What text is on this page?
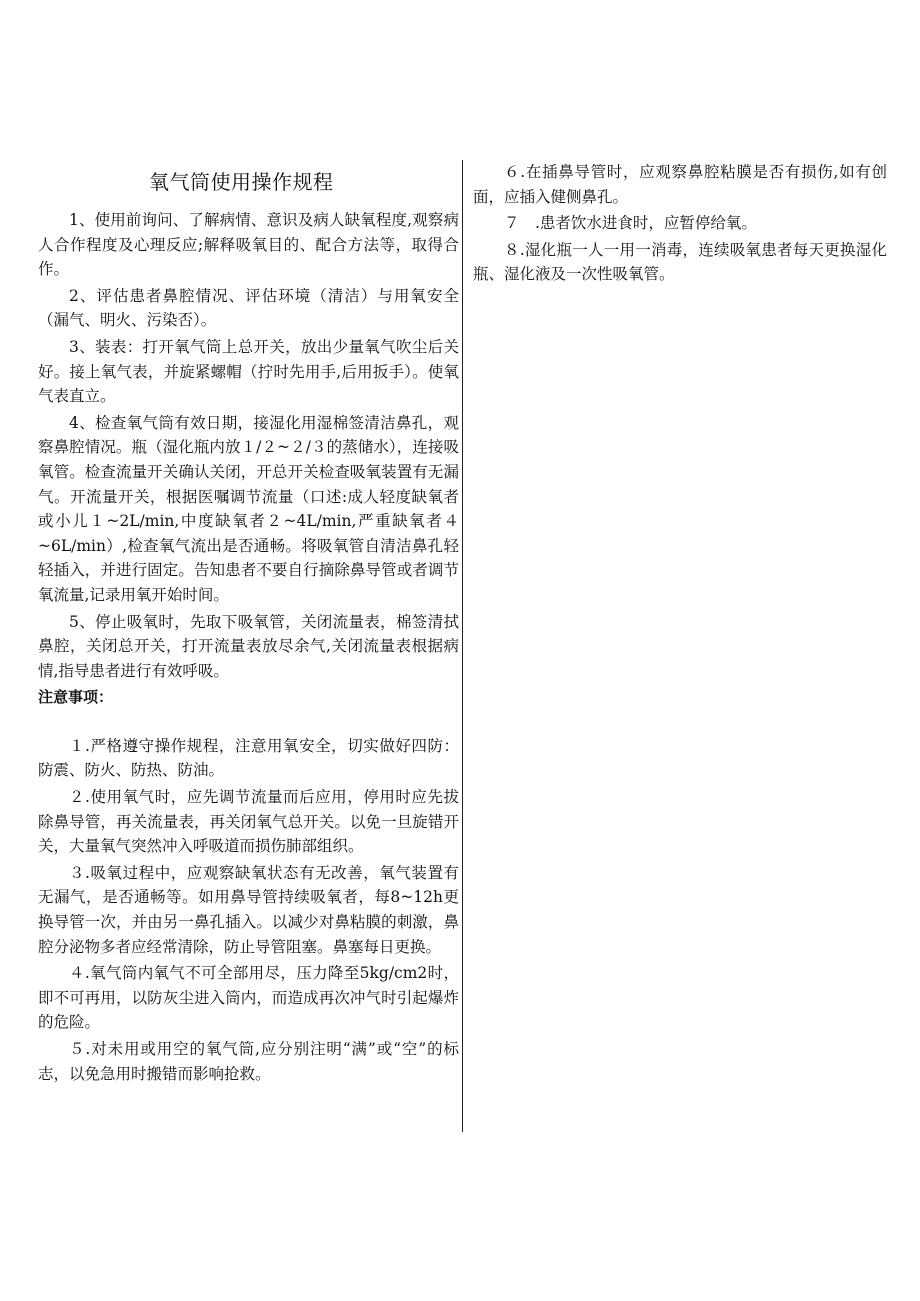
氧气筒使用操作规程

1、使用前询问、了解病情、意识及病人缺氧程度,观察病人合作程度及心理反应;解释吸氧目的、配合方法等，取得合作。

2、评估患者鼻腔情况、评估环境（清洁）与用氧安全（漏气、明火、污染否）。

3、装表：打开氧气筒上总开关，放出少量氧气吹尘后关好。接上氧气表，并旋紧螺帽（拧时先用手,后用扳手）。使氧气表直立。

4、检查氧气筒有效日期，接湿化用湿棉签清洁鼻孔，观察鼻腔情况。瓶（湿化瓶内放１/２~２/３的蒸储水），连接吸氧管。检查流量开关确认关闭，开总开关检查吸氧装置有无漏气。开流量开关，根据医嘱调节流量（口述:成人轻度缺氧者或小儿１~2L/min,中度缺氧者２~4L/min,严重缺氧者４~6L/min）,检查氧气流出是否通畅。将吸氧管自清洁鼻孔轻轻插入，并进行固定。告知患者不要自行摘除鼻导管或者调节氧流量,记录用氧开始时间。

5、停止吸氧时，先取下吸氧管，关闭流量表，棉签清拭鼻腔，关闭总开关，打开流量表放尽余气,关闭流量表根据病情,指导患者进行有效呼吸。

注意事项：

１.严格遵守操作规程，注意用氧安全，切实做好四防：防震、防火、防热、防油。

２.使用氧气时，应先调节流量而后应用，停用时应先拔除鼻导管，再关流量表，再关闭氧气总开关。以免一旦旋错开关，大量氧气突然冲入呼吸道而损伤肺部组织。

３.吸氧过程中，应观察缺氧状态有无改善，氧气装置有无漏气，是否通畅等。如用鼻导管持续吸氧者，每8~12h更换导管一次，并由另一鼻孔插入。以减少对鼻粘膜的刺激，鼻腔分泌物多者应经常清除，防止导管阻塞。鼻塞每日更换。

４.氧气筒内氧气不可全部用尽，压力降至5kg/cm2时，即不可再用，以防灰尘进入筒内，而造成再次冲气时引起爆炸的危险。

５.对未用或用空的氧气筒,应分别注明“满”或“空”的标志，以免急用时搬错而影响抢救。

６.在插鼻导管时，应观察鼻腔粘膜是否有损伤,如有创面，应插入健侧鼻孔。

７　.患者饮水进食时，应暂停给氧。

８.湿化瓶一人一用一消毒，连续吸氧患者每天更换湿化瓶、湿化液及一次性吸氧管。
